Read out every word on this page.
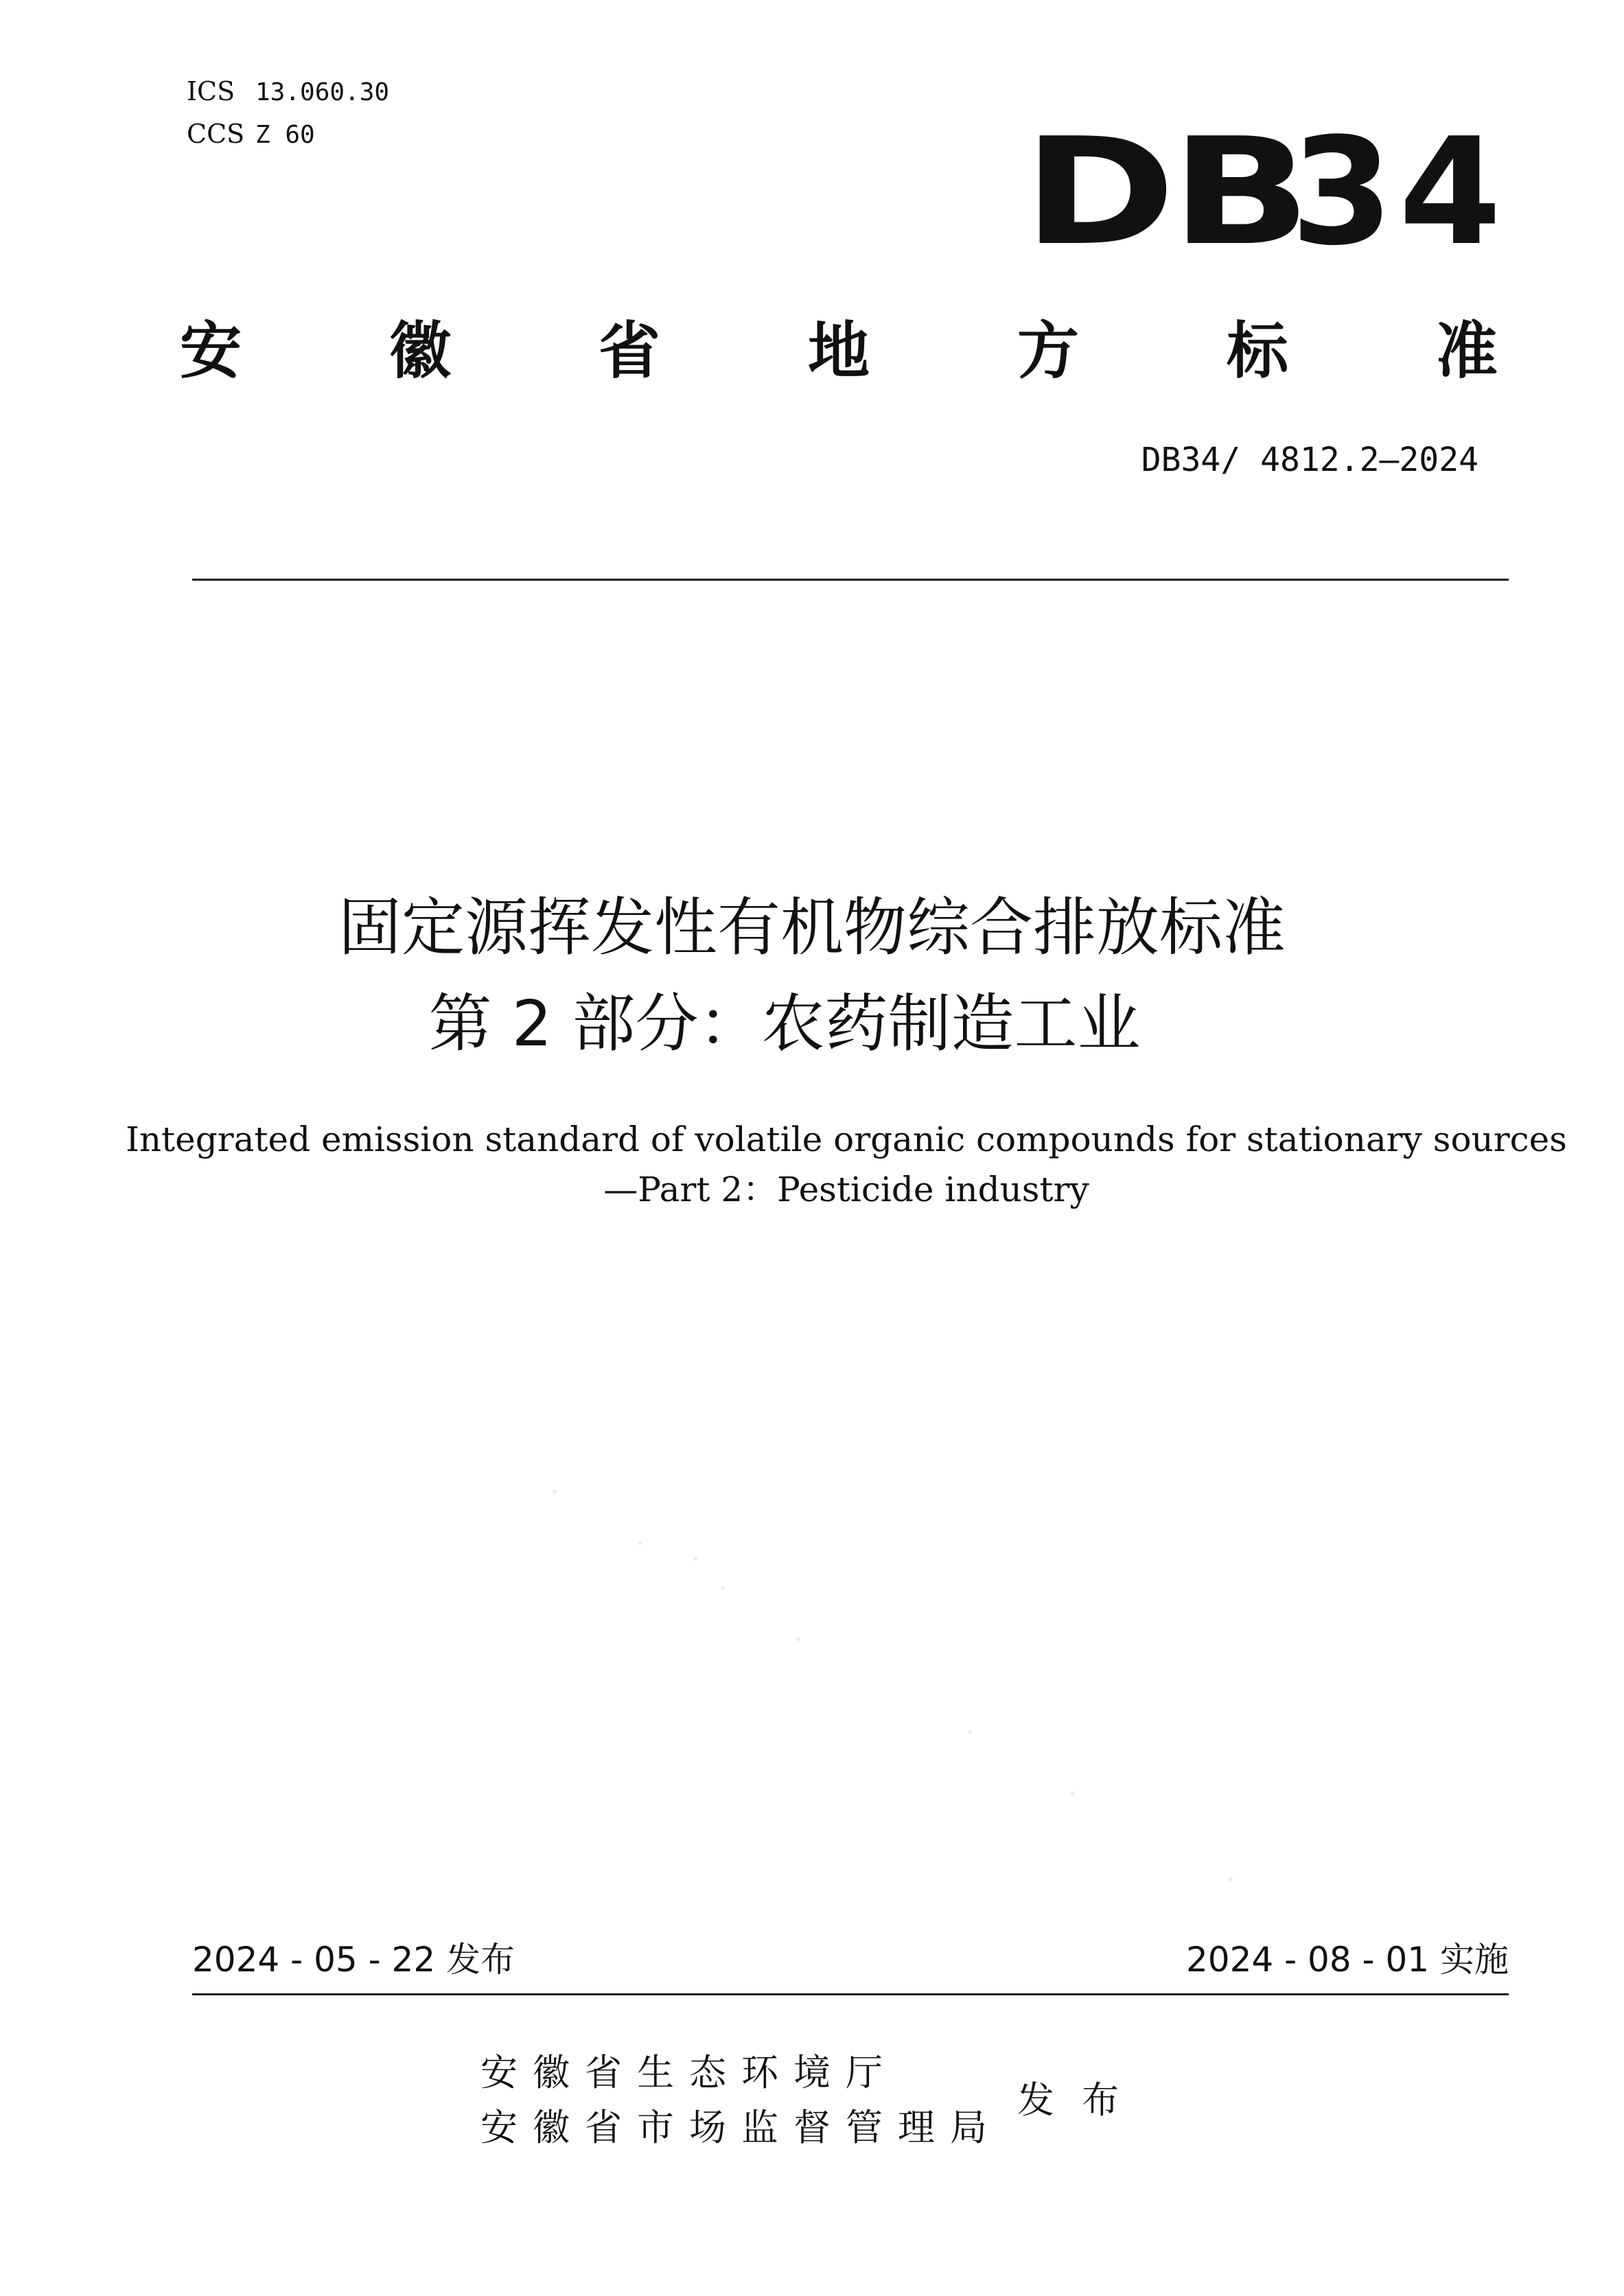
ICS 13.060.30
CCS Z 60	DB34
安 徽 省 地 方 标 准
DB34/ 4812.2—2024
固定源挥发性有机物综合排放标准
第 2 部分：农药制造工业
Integrated emission standard of volatile organic compounds for stationary sources
—Part 2：Pesticide industry
2024 - 05 - 22 发布	2024 - 08 - 01 实施
安徽省生态环境厅
安徽省市场监督管理局
发布
